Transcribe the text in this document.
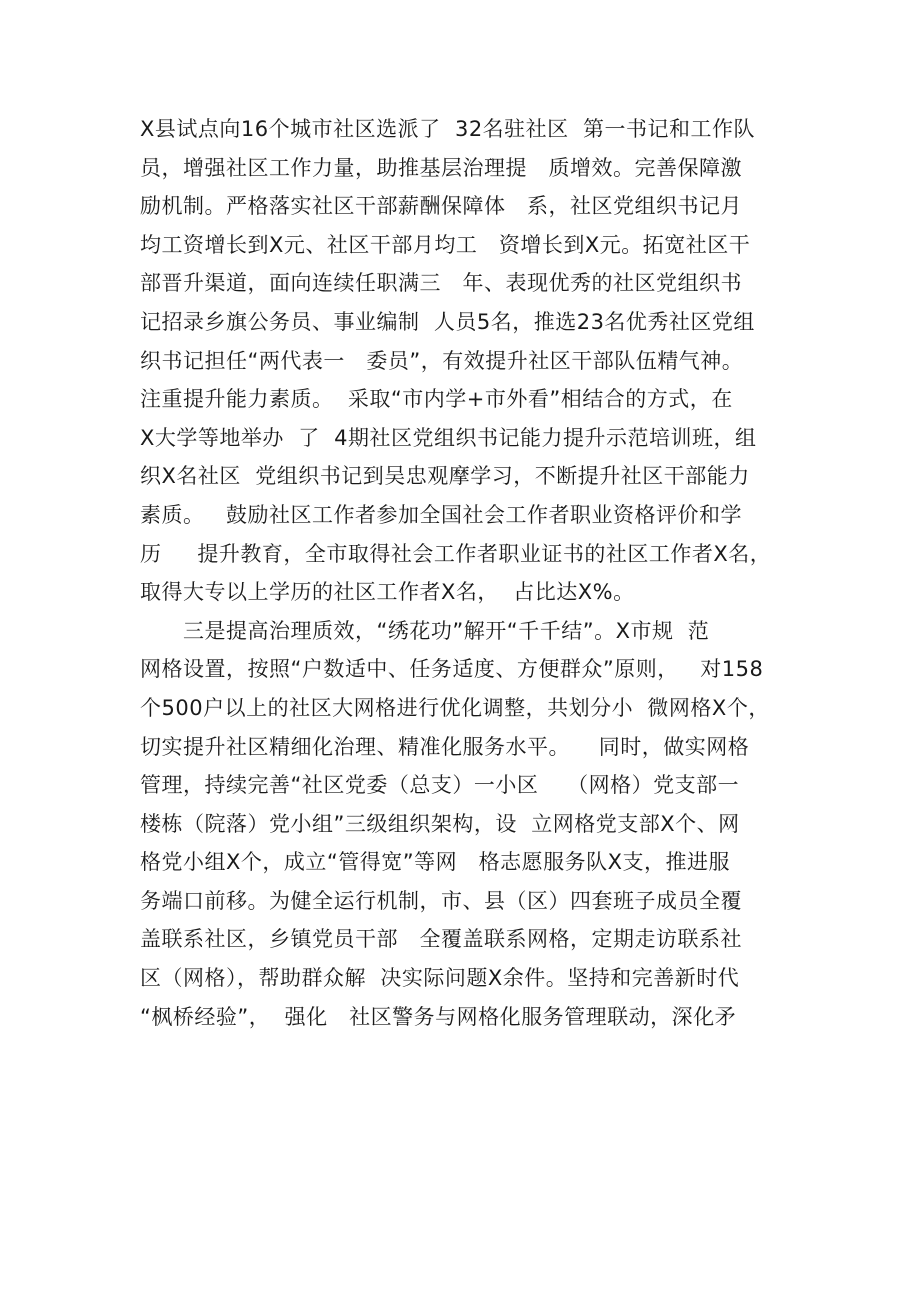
X县试点向16个城市社区选派了  32名驻社区  第一书记和工作队
员，增强社区工作力量，助推基层治理提   质增效。完善保障激
励机制。严格落实社区干部薪酬保障体   系，社区党组织书记月
均工资增长到X元、社区干部月均工   资增长到X元。拓宽社区干
部晋升渠道，面向连续任职满三   年、表现优秀的社区党组织书
记招录乡旗公务员、事业编制  人员5名，推选23名优秀社区党组
织书记担任“两代表一   委员”，有效提升社区干部队伍精气神。
注重提升能力素质。  采取“市内学+市外看”相结合的方式，在
X大学等地举办  了  4期社区党组织书记能力提升示范培训班，组
织X名社区  党组织书记到吴忠观摩学习，不断提升社区干部能力
素质。   鼓励社区工作者参加全国社会工作者职业资格评价和学
历     提升教育，全市取得社会工作者职业证书的社区工作者X名，
取得大专以上学历的社区工作者X名，  占比达X%。
三是提高治理质效，“绣花功”解开“千千结”。X市规  范
网格设置，按照“户数适中、任务适度、方便群众”原则，   对158
个500户以上的社区大网格进行优化调整，共划分小  微网格X个，
切实提升社区精细化治理、精准化服务水平。    同时，做实网格
管理，持续完善“社区党委（总支）一小区    （网格）党支部一
楼栋（院落）党小组”三级组织架构，设  立网格党支部X个、网
格党小组X个，成立“管得宽”等网   格志愿服务队X支，推进服
务端口前移。为健全运行机制，市、县（区）四套班子成员全覆
盖联系社区，乡镇党员干部   全覆盖联系网格，定期走访联系社
区（网格），帮助群众解  决实际问题X余件。坚持和完善新时代
“枫桥经验”，  强化   社区警务与网格化服务管理联动，深化矛
